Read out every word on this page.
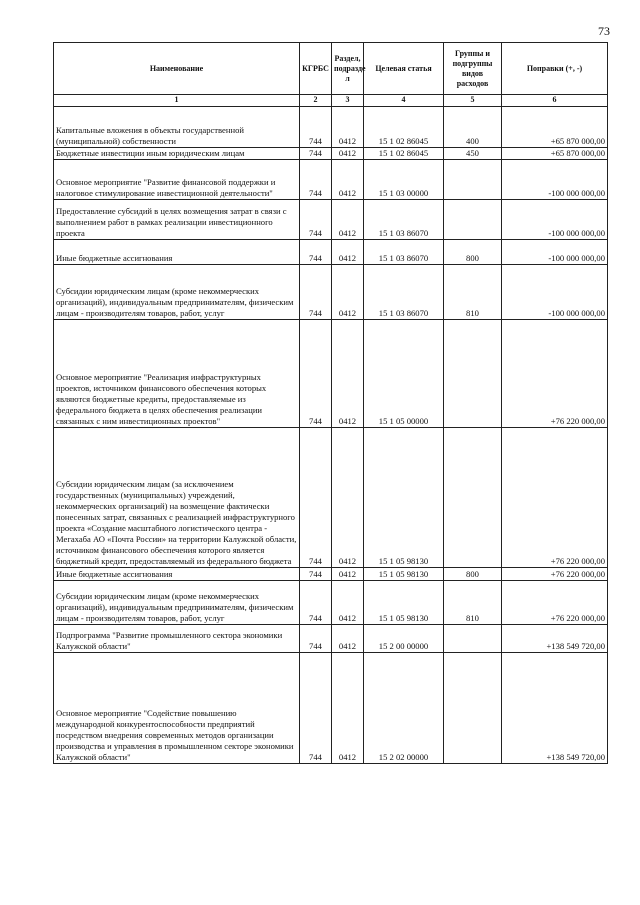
73
Наименование	КГРБС	Раздел, подразде л	Целевая статья	Группы и подгруппы видов расходов	Поправки (+, -)
1	2	3	4	5	6
Капитальные вложения в объекты государственной (муниципальной) собственности	744	0412	15 1 02 86045	400	+65 870 000,00
Бюджетные инвестиции иным юридическим лицам	744	0412	15 1 02 86045	450	+65 870 000,00
Основное мероприятие "Развитие финансовой поддержки и налоговое стимулирование инвестиционной деятельности"	744	0412	15 1 03 00000		-100 000 000,00
Предоставление субсидий в целях возмещения затрат в связи с выполнением работ в рамках реализации инвестиционного проекта	744	0412	15 1 03 86070		-100 000 000,00
Иные бюджетные ассигнования	744	0412	15 1 03 86070	800	-100 000 000,00
Субсидии юридическим лицам (кроме некоммерческих организаций), индивидуальным предпринимателям, физическим лицам - производителям товаров, работ, услуг	744	0412	15 1 03 86070	810	-100 000 000,00
Основное мероприятие "Реализация инфраструктурных проектов, источником финансового обеспечения которых являются бюджетные кредиты, предоставляемые из федерального бюджета в целях обеспечения реализации связанных с ним инвестиционных проектов"	744	0412	15 1 05 00000		+76 220 000,00
Субсидии юридическим лицам (за исключением государственных (муниципальных) учреждений, некоммерческих организаций) на возмещение фактически понесенных затрат, связанных с реализацией инфраструктурного проекта «Создание масштабного логистического центра - Мегахаба АО «Почта России» на территории Калужской области, источником финансового обеспечения которого является бюджетный кредит, предоставляемый из федерального бюджета	744	0412	15 1 05 98130		+76 220 000,00
Иные бюджетные ассигнования	744	0412	15 1 05 98130	800	+76 220 000,00
Субсидии юридическим лицам (кроме некоммерческих организаций), индивидуальным предпринимателям, физическим лицам - производителям товаров, работ, услуг	744	0412	15 1 05 98130	810	+76 220 000,00
Подпрограмма "Развитие промышленного сектора экономики Калужской области"	744	0412	15 2 00 00000		+138 549 720,00
Основное мероприятие "Содействие повышению международной конкурентоспособности предприятий посредством внедрения современных методов организации производства и управления в промышленном секторе экономики Калужской области"	744	0412	15 2 02 00000		+138 549 720,00
